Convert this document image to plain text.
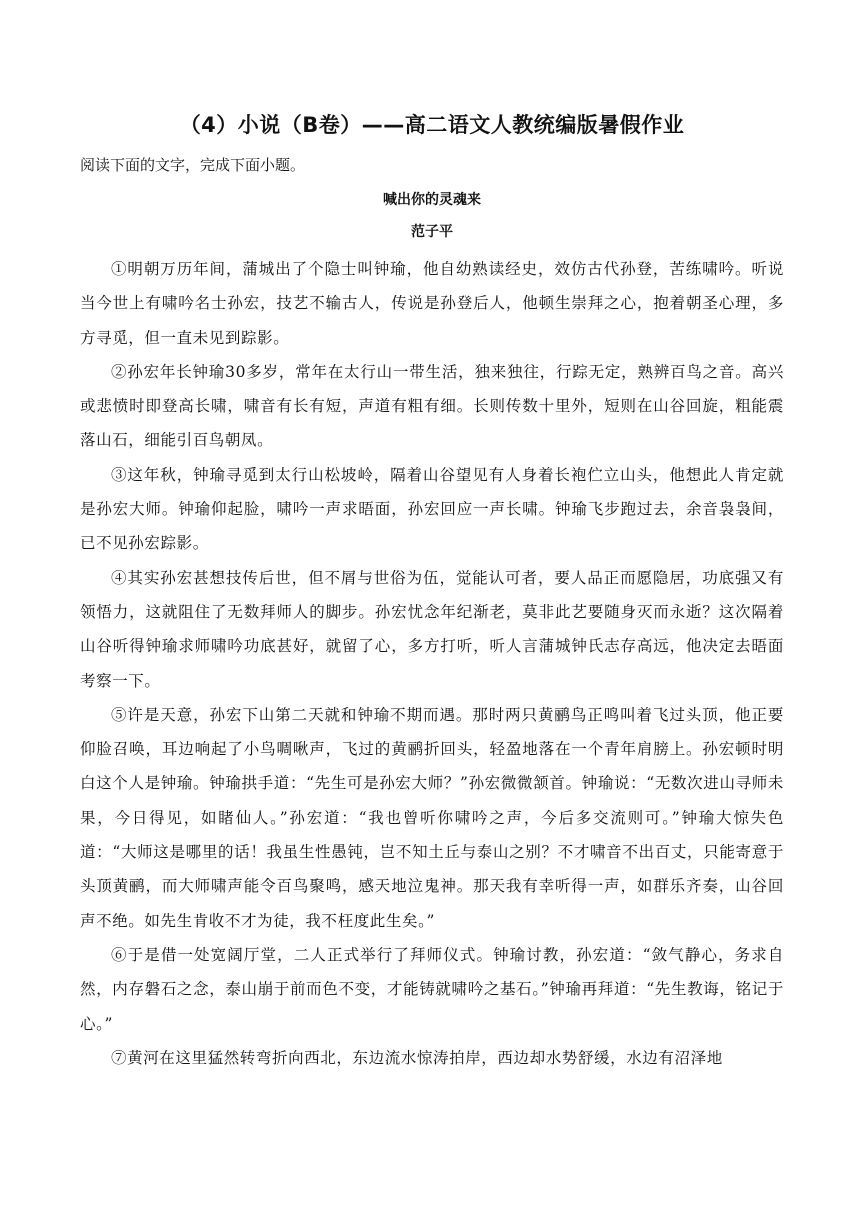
（4）小说（B卷）——高二语文人教统编版暑假作业

阅读下面的文字，完成下面小题。

喊出你的灵魂来
范子平

①明朝万历年间，蒲城出了个隐士叫钟瑜，他自幼熟读经史，效仿古代孙登，苦练啸吟。听说当今世上有啸吟名士孙宏，技艺不输古人，传说是孙登后人，他顿生崇拜之心，抱着朝圣心理，多方寻觅，但一直未见到踪影。

②孙宏年长钟瑜30多岁，常年在太行山一带生活，独来独往，行踪无定，熟辨百鸟之音。高兴或悲愤时即登高长啸，啸音有长有短，声道有粗有细。长则传数十里外，短则在山谷回旋，粗能震落山石，细能引百鸟朝凤。

③这年秋，钟瑜寻觅到太行山松坡岭，隔着山谷望见有人身着长袍伫立山头，他想此人肯定就是孙宏大师。钟瑜仰起脸，啸吟一声求晤面，孙宏回应一声长啸。钟瑜飞步跑过去，余音袅袅间，已不见孙宏踪影。

④其实孙宏甚想技传后世，但不屑与世俗为伍，觉能认可者，要人品正而愿隐居，功底强又有领悟力，这就阻住了无数拜师人的脚步。孙宏忧念年纪渐老，莫非此艺要随身灭而永逝？这次隔着山谷听得钟瑜求师啸吟功底甚好，就留了心，多方打听，听人言蒲城钟氏志存高远，他决定去晤面考察一下。

⑤许是天意，孙宏下山第二天就和钟瑜不期而遇。那时两只黄鹂鸟正鸣叫着飞过头顶，他正要仰脸召唤，耳边响起了小鸟啁啾声，飞过的黄鹂折回头，轻盈地落在一个青年肩膀上。孙宏顿时明白这个人是钟瑜。钟瑜拱手道：“先生可是孙宏大师？”孙宏微微颔首。钟瑜说：“无数次进山寻师未果，今日得见，如睹仙人。”孙宏道：“我也曾听你啸吟之声，今后多交流则可。”钟瑜大惊失色道：“大师这是哪里的话！我虽生性愚钝，岂不知土丘与泰山之别？不才啸音不出百丈，只能寄意于头顶黄鹂，而大师啸声能令百鸟聚鸣，感天地泣鬼神。那天我有幸听得一声，如群乐齐奏，山谷回声不绝。如先生肯收不才为徒，我不枉度此生矣。”

⑥于是借一处宽阔厅堂，二人正式举行了拜师仪式。钟瑜讨教，孙宏道：“敛气静心，务求自然，内存磐石之念，泰山崩于前而色不变，才能铸就啸吟之基石。”钟瑜再拜道：“先生教诲，铭记于心。”

⑦黄河在这里猛然转弯折向西北，东边流水惊涛拍岸，西边却水势舒缓，水边有沼泽地
